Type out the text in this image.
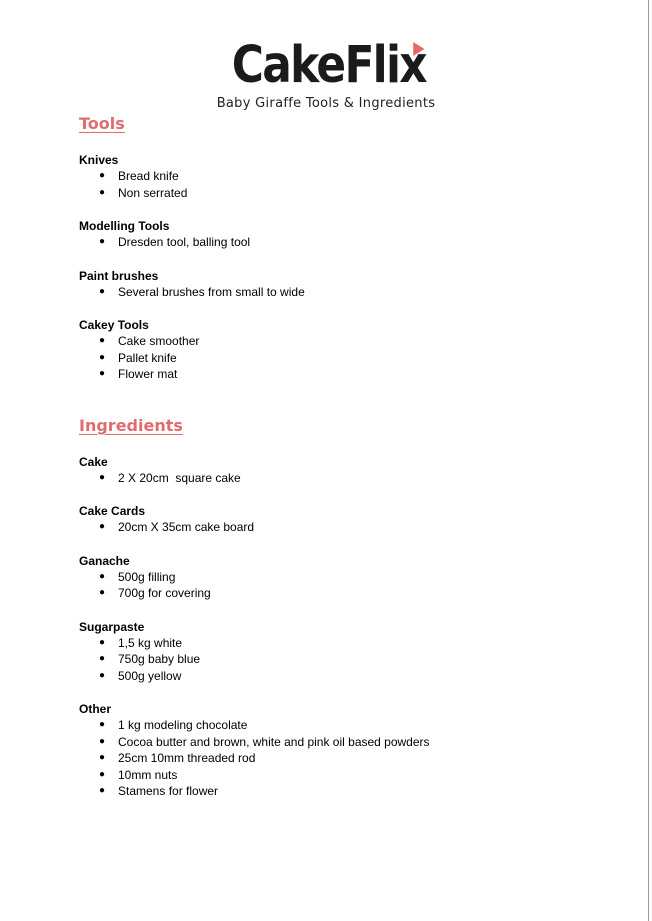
CakeFlix
Baby Giraffe Tools & Ingredients
Tools

Knives

● Bread knife
● Non serrated

Modelling Tools

● Dresden tool, balling tool

Paint brushes

● Several brushes from small to wide

Cakey Tools

● Cake smoother
● Pallet knife
● Flower mat
Ingredients

Cake

● 2 X 20cm  square cake

Cake Cards

● 20cm X 35cm cake board

Ganache

● 500g filling
● 700g for covering

Sugarpaste

● 1,5 kg white
● 750g baby blue
● 500g yellow

Other

● 1 kg modeling chocolate
● Cocoa butter and brown, white and pink oil based powders
● 25cm 10mm threaded rod
● 10mm nuts
● Stamens for flower
